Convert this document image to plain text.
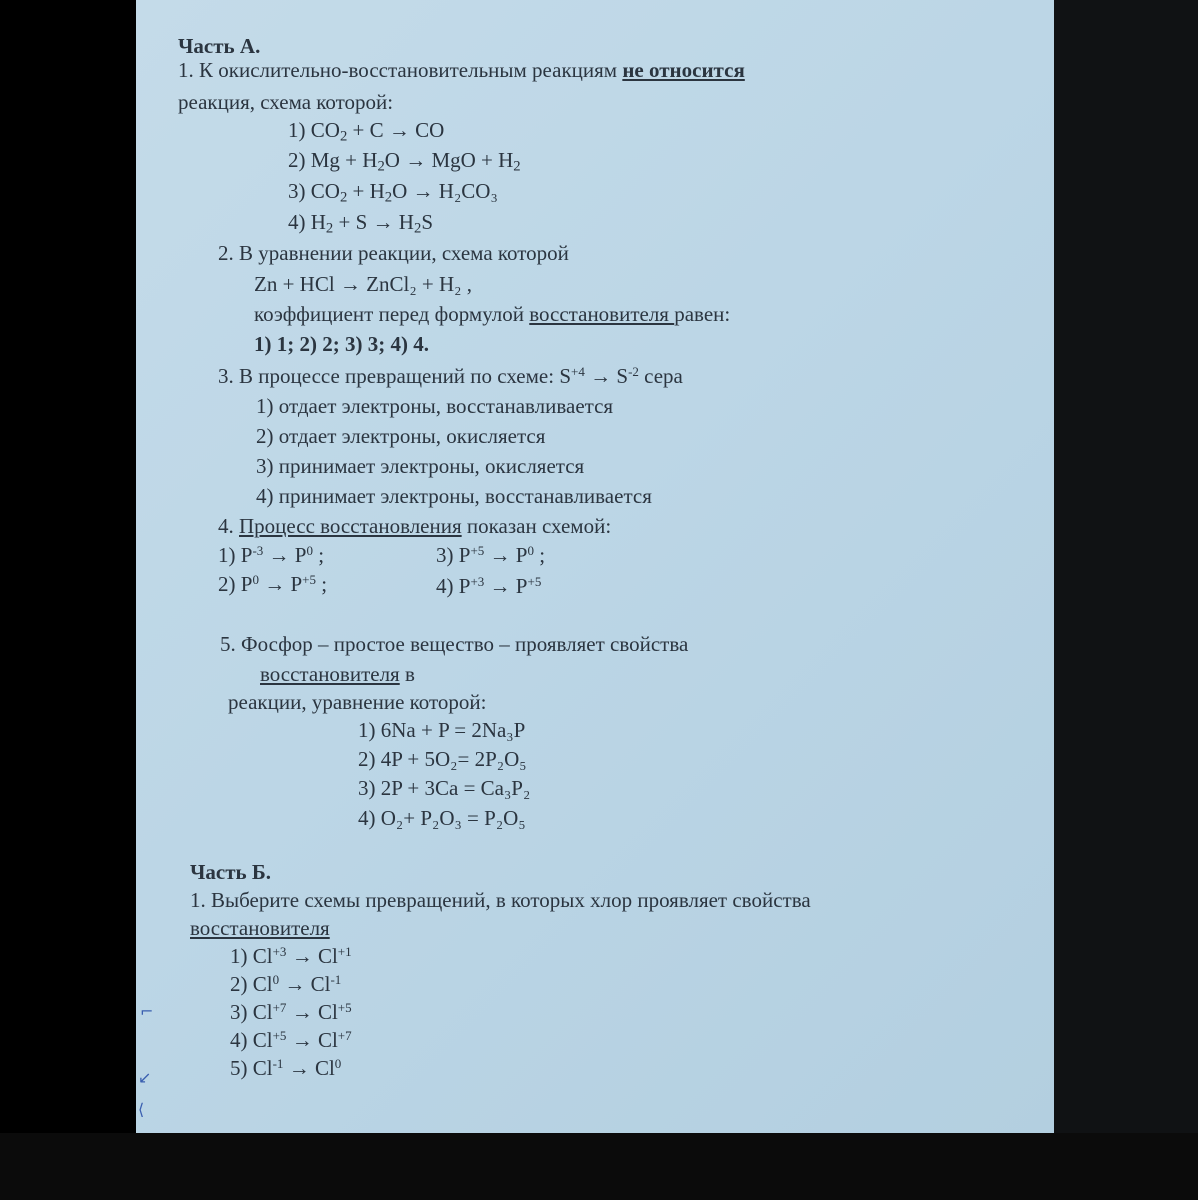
Часть А.
1. К окислительно-восстановительным реакциям не относится
реакция, схема которой:
1) $CO_2 + C$ → CO
2) $Mg + H_2O$ → MgO + $H_2$
3) $CO_2 + H_2O \to H_2CO_3$
4) $H_2 + S \to H_2S$
2. В уравнении реакции, схема которой
Zn + HCl → ZnCl₂ + H₂ ,
коэффициент перед формулой восстановителя равен:
1) 1; 2) 2; 3) 3; 4) 4.
3. В процессе превращений по схеме: $S^{+4} \to S^{-2}$ сера
1) отдает электроны, восстанавливается
2) отдает электроны, окисляется
3) принимает электроны, окисляется
4) принимает электроны, восстанавливается
4. Процесс восстановления показан схемой:
1) $P^{-3} \to P^0$ ;
2) $P^0 \to P^{+5}$ ;
3) $P^{+5} \to P^0$ ;
4) $P^{+3} \to P^{+5}$
5. Фосфор – простое вещество – проявляет свойства
восстановителя в
реакции, уравнение которой:
1) 6Na + P = 2Na₃P
2) 4P + 5O₂= 2P₂O₅
3) 2P + 3Ca = Ca₃P₂
4) O₂+ P₂O₃ = P₂O₅
Часть Б.
1. Выберите схемы превращений, в которых хлор проявляет свойства
восстановителя
1) $Cl^{+3} \to Cl^{+1}$
2) $Cl^0 \to Cl^{-1}$
3) $Cl^{+7} \to Cl^{+5}$
4) $Cl^{+5} \to Cl^{+7}$
5) $Cl^{-1} \to Cl^0$
⌐
↙
⟨
